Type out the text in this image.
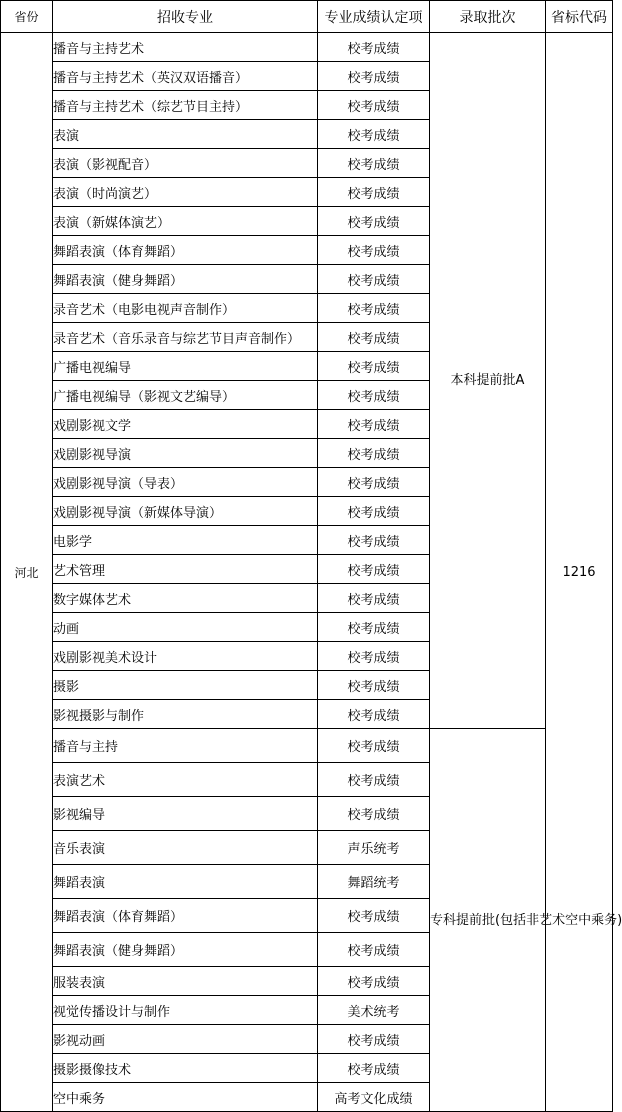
省份	招收专业	专业成绩认定项	录取批次	省标代码
河北	播音与主持艺术	校考成绩	本科提前批A	1216
	播音与主持艺术（英汉双语播音）	校考成绩		
	播音与主持艺术（综艺节目主持）	校考成绩		
	表演	校考成绩		
	表演（影视配音）	校考成绩		
	表演（时尚演艺）	校考成绩		
	表演（新媒体演艺）	校考成绩		
	舞蹈表演（体育舞蹈）	校考成绩		
	舞蹈表演（健身舞蹈）	校考成绩		
	录音艺术（电影电视声音制作）	校考成绩		
	录音艺术（音乐录音与综艺节目声音制作）	校考成绩		
	广播电视编导	校考成绩		
	广播电视编导（影视文艺编导）	校考成绩		
	戏剧影视文学	校考成绩		
	戏剧影视导演	校考成绩		
	戏剧影视导演（导表）	校考成绩		
	戏剧影视导演（新媒体导演）	校考成绩		
	电影学	校考成绩		
	艺术管理	校考成绩		
	数字媒体艺术	校考成绩		
	动画	校考成绩		
	戏剧影视美术设计	校考成绩		
	摄影	校考成绩		
	影视摄影与制作	校考成绩		
	播音与主持	校考成绩	专科提前批(包括非艺术空中乘务)	
	表演艺术	校考成绩		
	影视编导	校考成绩		
	音乐表演	声乐统考		
	舞蹈表演	舞蹈统考		
	舞蹈表演（体育舞蹈）	校考成绩		
	舞蹈表演（健身舞蹈）	校考成绩		
	服装表演	校考成绩		
	视觉传播设计与制作	美术统考		
	影视动画	校考成绩		
	摄影摄像技术	校考成绩		
	空中乘务	高考文化成绩		
